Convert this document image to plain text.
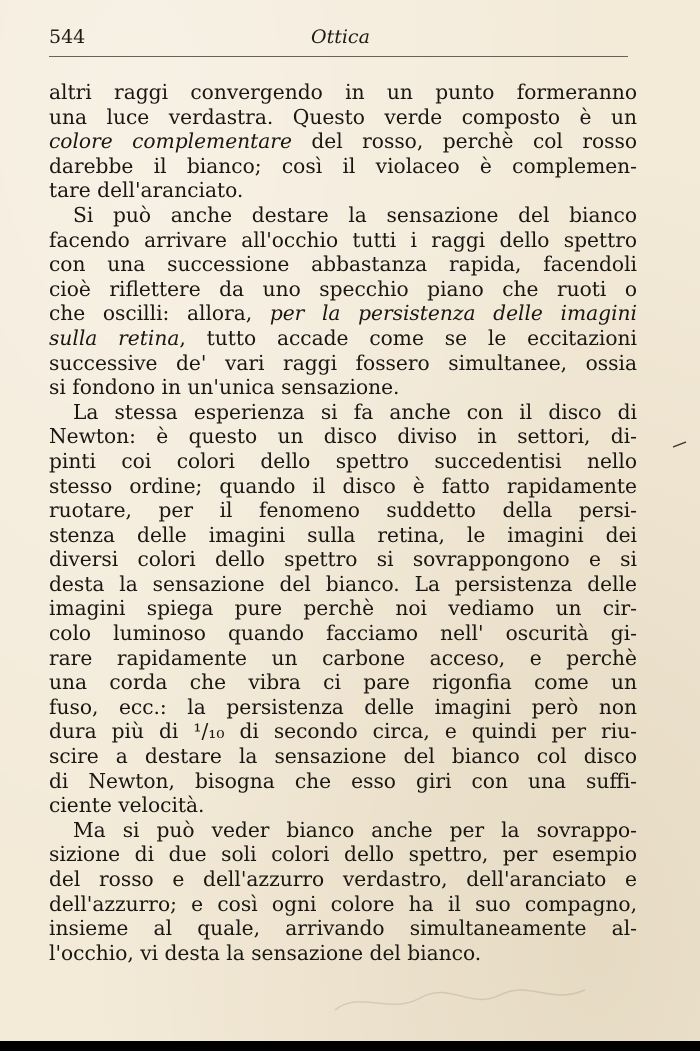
544	Ottica
altri raggi convergendo in un punto formeranno
una luce verdastra. Questo verde composto è un
colore complementare del rosso, perchè col rosso
darebbe il bianco; così il violaceo è complemen-
tare dell'aranciato.
Si può anche destare la sensazione del bianco
facendo arrivare all'occhio tutti i raggi dello spettro
con una successione abbastanza rapida, facendoli
cioè riflettere da uno specchio piano che ruoti o
che oscilli: allora, per la persistenza delle imagini
sulla retina, tutto accade come se le eccitazioni
successive de' vari raggi fossero simultanee, ossia
si fondono in un'unica sensazione.
La stessa esperienza si fa anche con il disco di
Newton: è questo un disco diviso in settori, di-
pinti coi colori dello spettro succedentisi nello
stesso ordine; quando il disco è fatto rapidamente
ruotare, per il fenomeno suddetto della persi-
stenza delle imagini sulla retina, le imagini dei
diversi colori dello spettro si sovrappongono e si
desta la sensazione del bianco. La persistenza delle
imagini spiega pure perchè noi vediamo un cir-
colo luminoso quando facciamo nell' oscurità gi-
rare rapidamente un carbone acceso, e perchè
una corda che vibra ci pare rigonfia come un
fuso, ecc.: la persistenza delle imagini però non
dura più di ¹/₁₀ di secondo circa, e quindi per riu-
scire a destare la sensazione del bianco col disco
di Newton, bisogna che esso giri con una suffi-
ciente velocità.
Ma si può veder bianco anche per la sovrappo-
sizione di due soli colori dello spettro, per esempio
del rosso e dell'azzurro verdastro, dell'aranciato e
dell'azzurro; e così ogni colore ha il suo compagno,
insieme al quale, arrivando simultaneamente al-
l'occhio, vi desta la sensazione del bianco.
